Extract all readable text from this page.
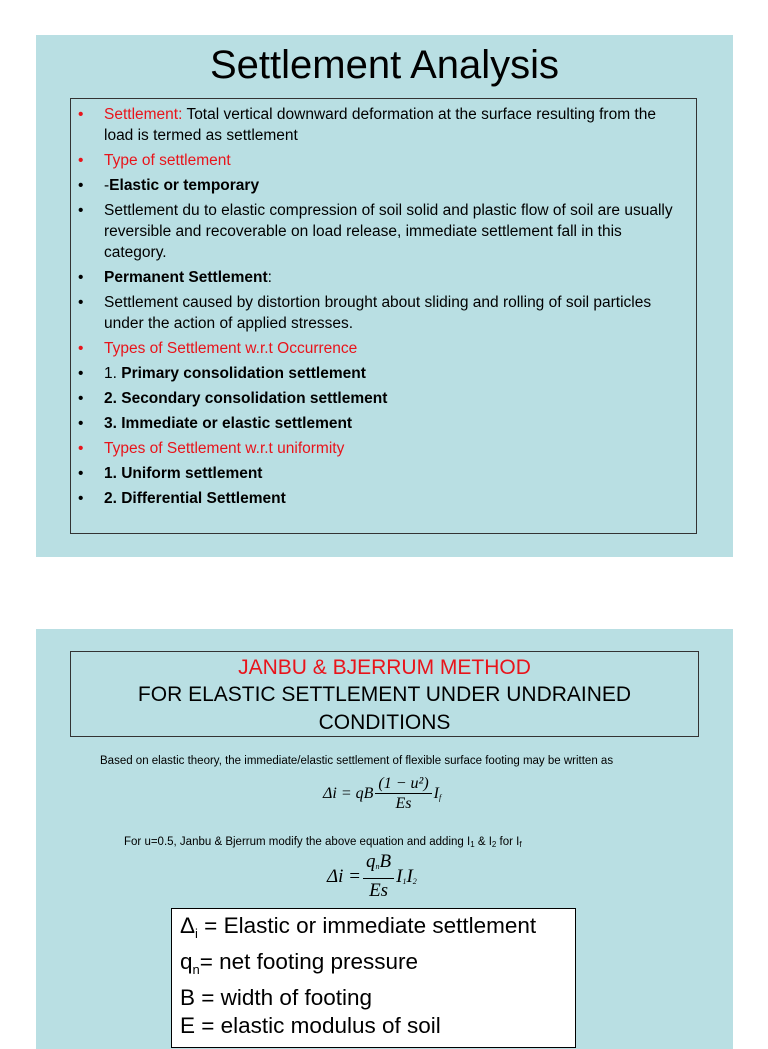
Settlement Analysis
• Settlement: Total vertical downward deformation at the surface resulting from the load is termed as settlement
• Type of settlement
• -Elastic or temporary
• Settlement du to elastic compression of soil solid and plastic flow of soil are usually reversible and recoverable on load release, immediate settlement fall in this category.
• Permanent Settlement:
• Settlement caused by distortion brought about sliding and rolling of soil particles under the action of applied stresses.
• Types of Settlement w.r.t Occurrence
• 1. Primary consolidation settlement
• 2. Secondary consolidation settlement
• 3. Immediate or elastic settlement
• Types of Settlement w.r.t uniformity
• 1. Uniform settlement
• 2. Differential Settlement
JANBU & BJERRUM METHOD
FOR ELASTIC SETTLEMENT UNDER UNDRAINED CONDITIONS
Based on elastic theory, the immediate/elastic settlement of flexible surface footing may be written as
Δi = qB $\frac{\text{(1 − u²)}}{Es} I_f$
For u=0.5, Janbu & Bjerrum modify the above equation and adding $I_1$ & $I_2$ for $I_f$
$\Delta i = \frac{q_nB}{Es} I_1I_2$
$\Delta_i$ = Elastic or immediate settlement
$q_n=$ net footing pressure
B = width of footing
E = elastic modulus of soil
